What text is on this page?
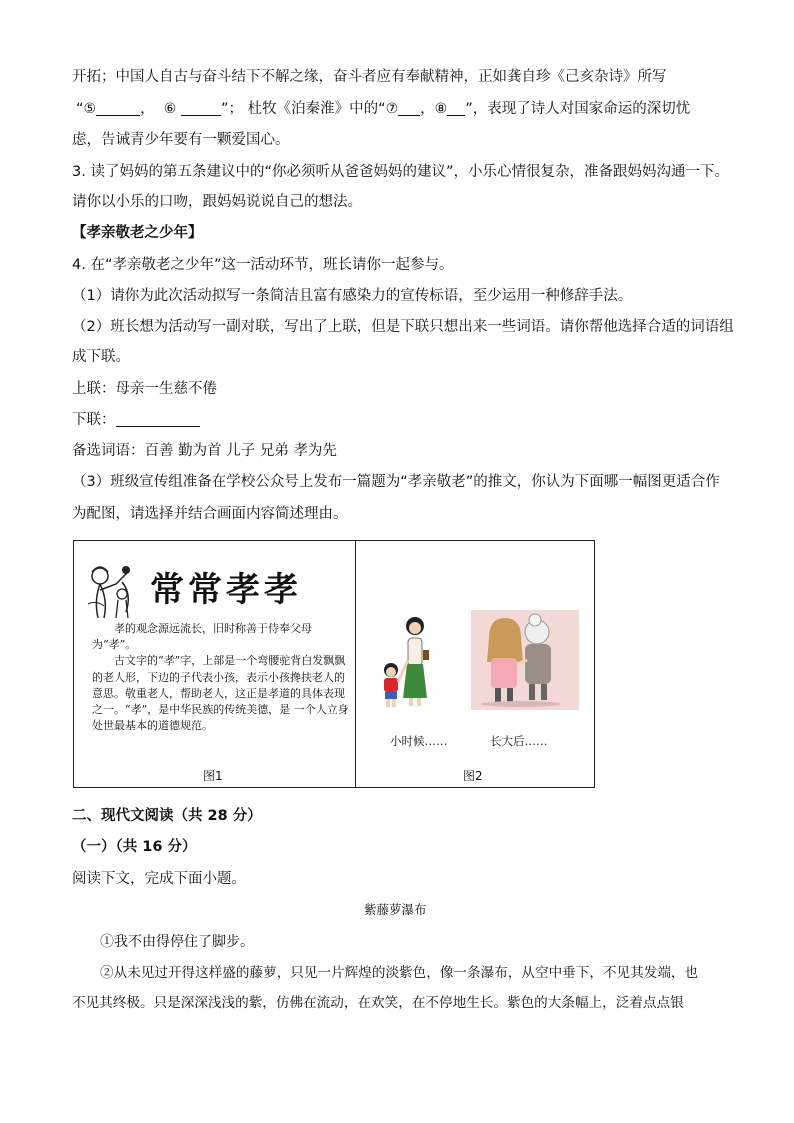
开拓；中国人自古与奋斗结下不解之缘，奋斗者应有奉献精神，正如龚自珍《己亥杂诗》所写
“⑤	， ⑥	”； 杜牧《泊秦淮》中的“⑦ ，⑧ ”，表现了诗人对国家命运的深切忧
虑，告诫青少年要有一颗爱国心。
3. 读了妈妈的第五条建议中的“你必须听从爸爸妈妈的建议”，小乐心情很复杂，准备跟妈妈沟通一下。
请你以小乐的口吻，跟妈妈说说自己的想法。
【孝亲敬老之少年】
4. 在“孝亲敬老之少年”这一活动环节，班长请你一起参与。
（1）请你为此次活动拟写一条简洁且富有感染力的宣传标语，至少运用一种修辞手法。
（2）班长想为活动写一副对联，写出了上联，但是下联只想出来一些词语。请你帮他选择合适的词语组
成下联。
上联：母亲一生慈不倦
下联：
备选词语：百善 勤为首 儿子 兄弟 孝为先
（3）班级宣传组准备在学校公众号上发布一篇题为“孝亲敬老”的推文，你认为下面哪一幅图更适合作
为配图，请选择并结合画面内容简述理由。
常常孝孝

孝的观念源远流长，旧时称善于侍奉父母为“孝”。

古文字的“孝”字，上部是一个弯腰驼背白发飘飘的老人形，下边的子代表小孩，表示小孩搀扶老人的意思。敬重老人，帮助老人，这正是孝道的具体表现之一。“孝”，是中华民族的传统美德，是 一个人立身处世最基本的道德规范。

图1
小时候……	长大后……
图2
二、现代文阅读（共 28 分）
（一）（共 16 分）
阅读下文，完成下面小题。
紫藤萝瀑布
①我不由得停住了脚步。
②从未见过开得这样盛的藤萝，只见一片辉煌的淡紫色，像一条瀑布，从空中垂下，不见其发端，也
不见其终极。只是深深浅浅的紫，仿佛在流动，在欢笑，在不停地生长。紫色的大条幅上，泛着点点银
